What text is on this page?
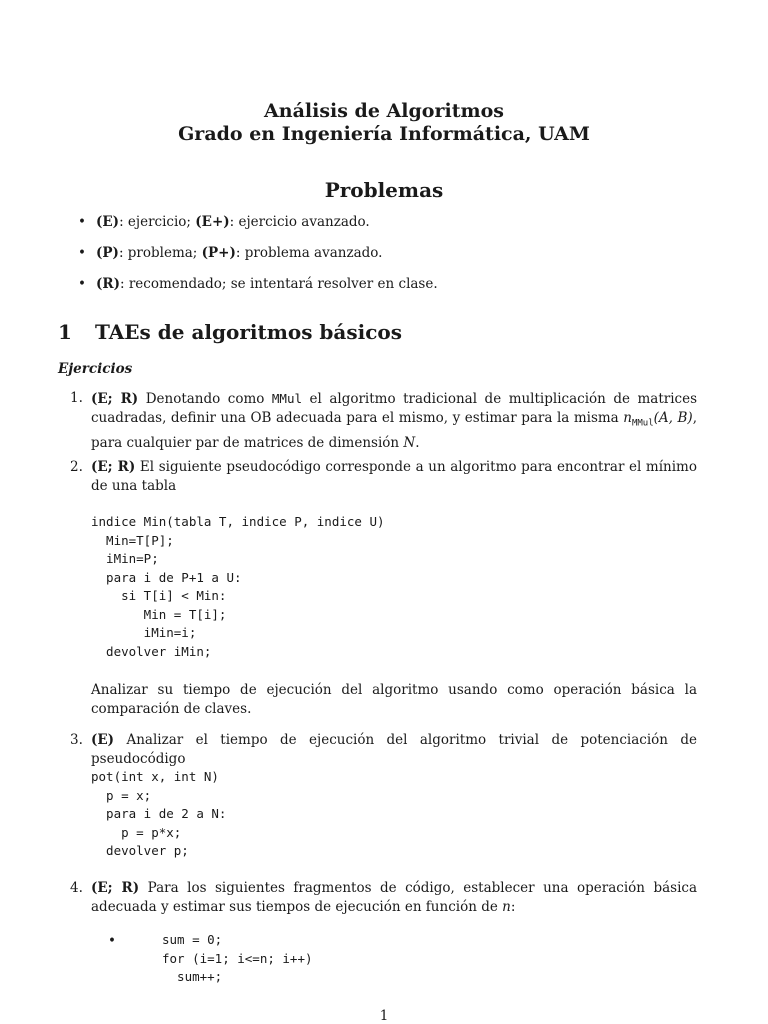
Análisis de Algoritmos
Grado en Ingeniería Informática, UAM
Problemas
• (E): ejercicio; (E+): ejercicio avanzado.
• (P): problema; (P+): problema avanzado.
• (R): recomendado; se intentará resolver en clase.
1 TAEs de algoritmos básicos
Ejercicios
1. (E; R) Denotando como MMul el algoritmo tradicional de multiplicación de matrices cuadradas, definir una OB adecuada para el mismo, y estimar para la misma $n_{MMul}(A$, B), para cualquier par de matrices de dimensión N.
2. (E; R) El siguiente pseudocódigo corresponde a un algoritmo para encontrar el mínimo de una tabla
indice Min(tabla T, indice P, indice U)
Min=T[P];
iMin=P;
para i de P+1 a U:
si T[i] < Min:
Min = T[i];
iMin=i;
devolver iMin;
Analizar su tiempo de ejecución del algoritmo usando como operación básica la comparación de claves.
3. (E) Analizar el tiempo de ejecución del algoritmo trivial de potenciación de pseudocódigo
pot(int x, int N)
p = x;
para i de 2 a N:
p = p*x;
devolver p;
4. (E; R) Para los siguientes fragmentos de código, establecer una operación básica adecuada y estimar sus tiempos de ejecución en función de n:
•	sum = 0;
for (i=1; i<=n; i++)
sum++;
1
